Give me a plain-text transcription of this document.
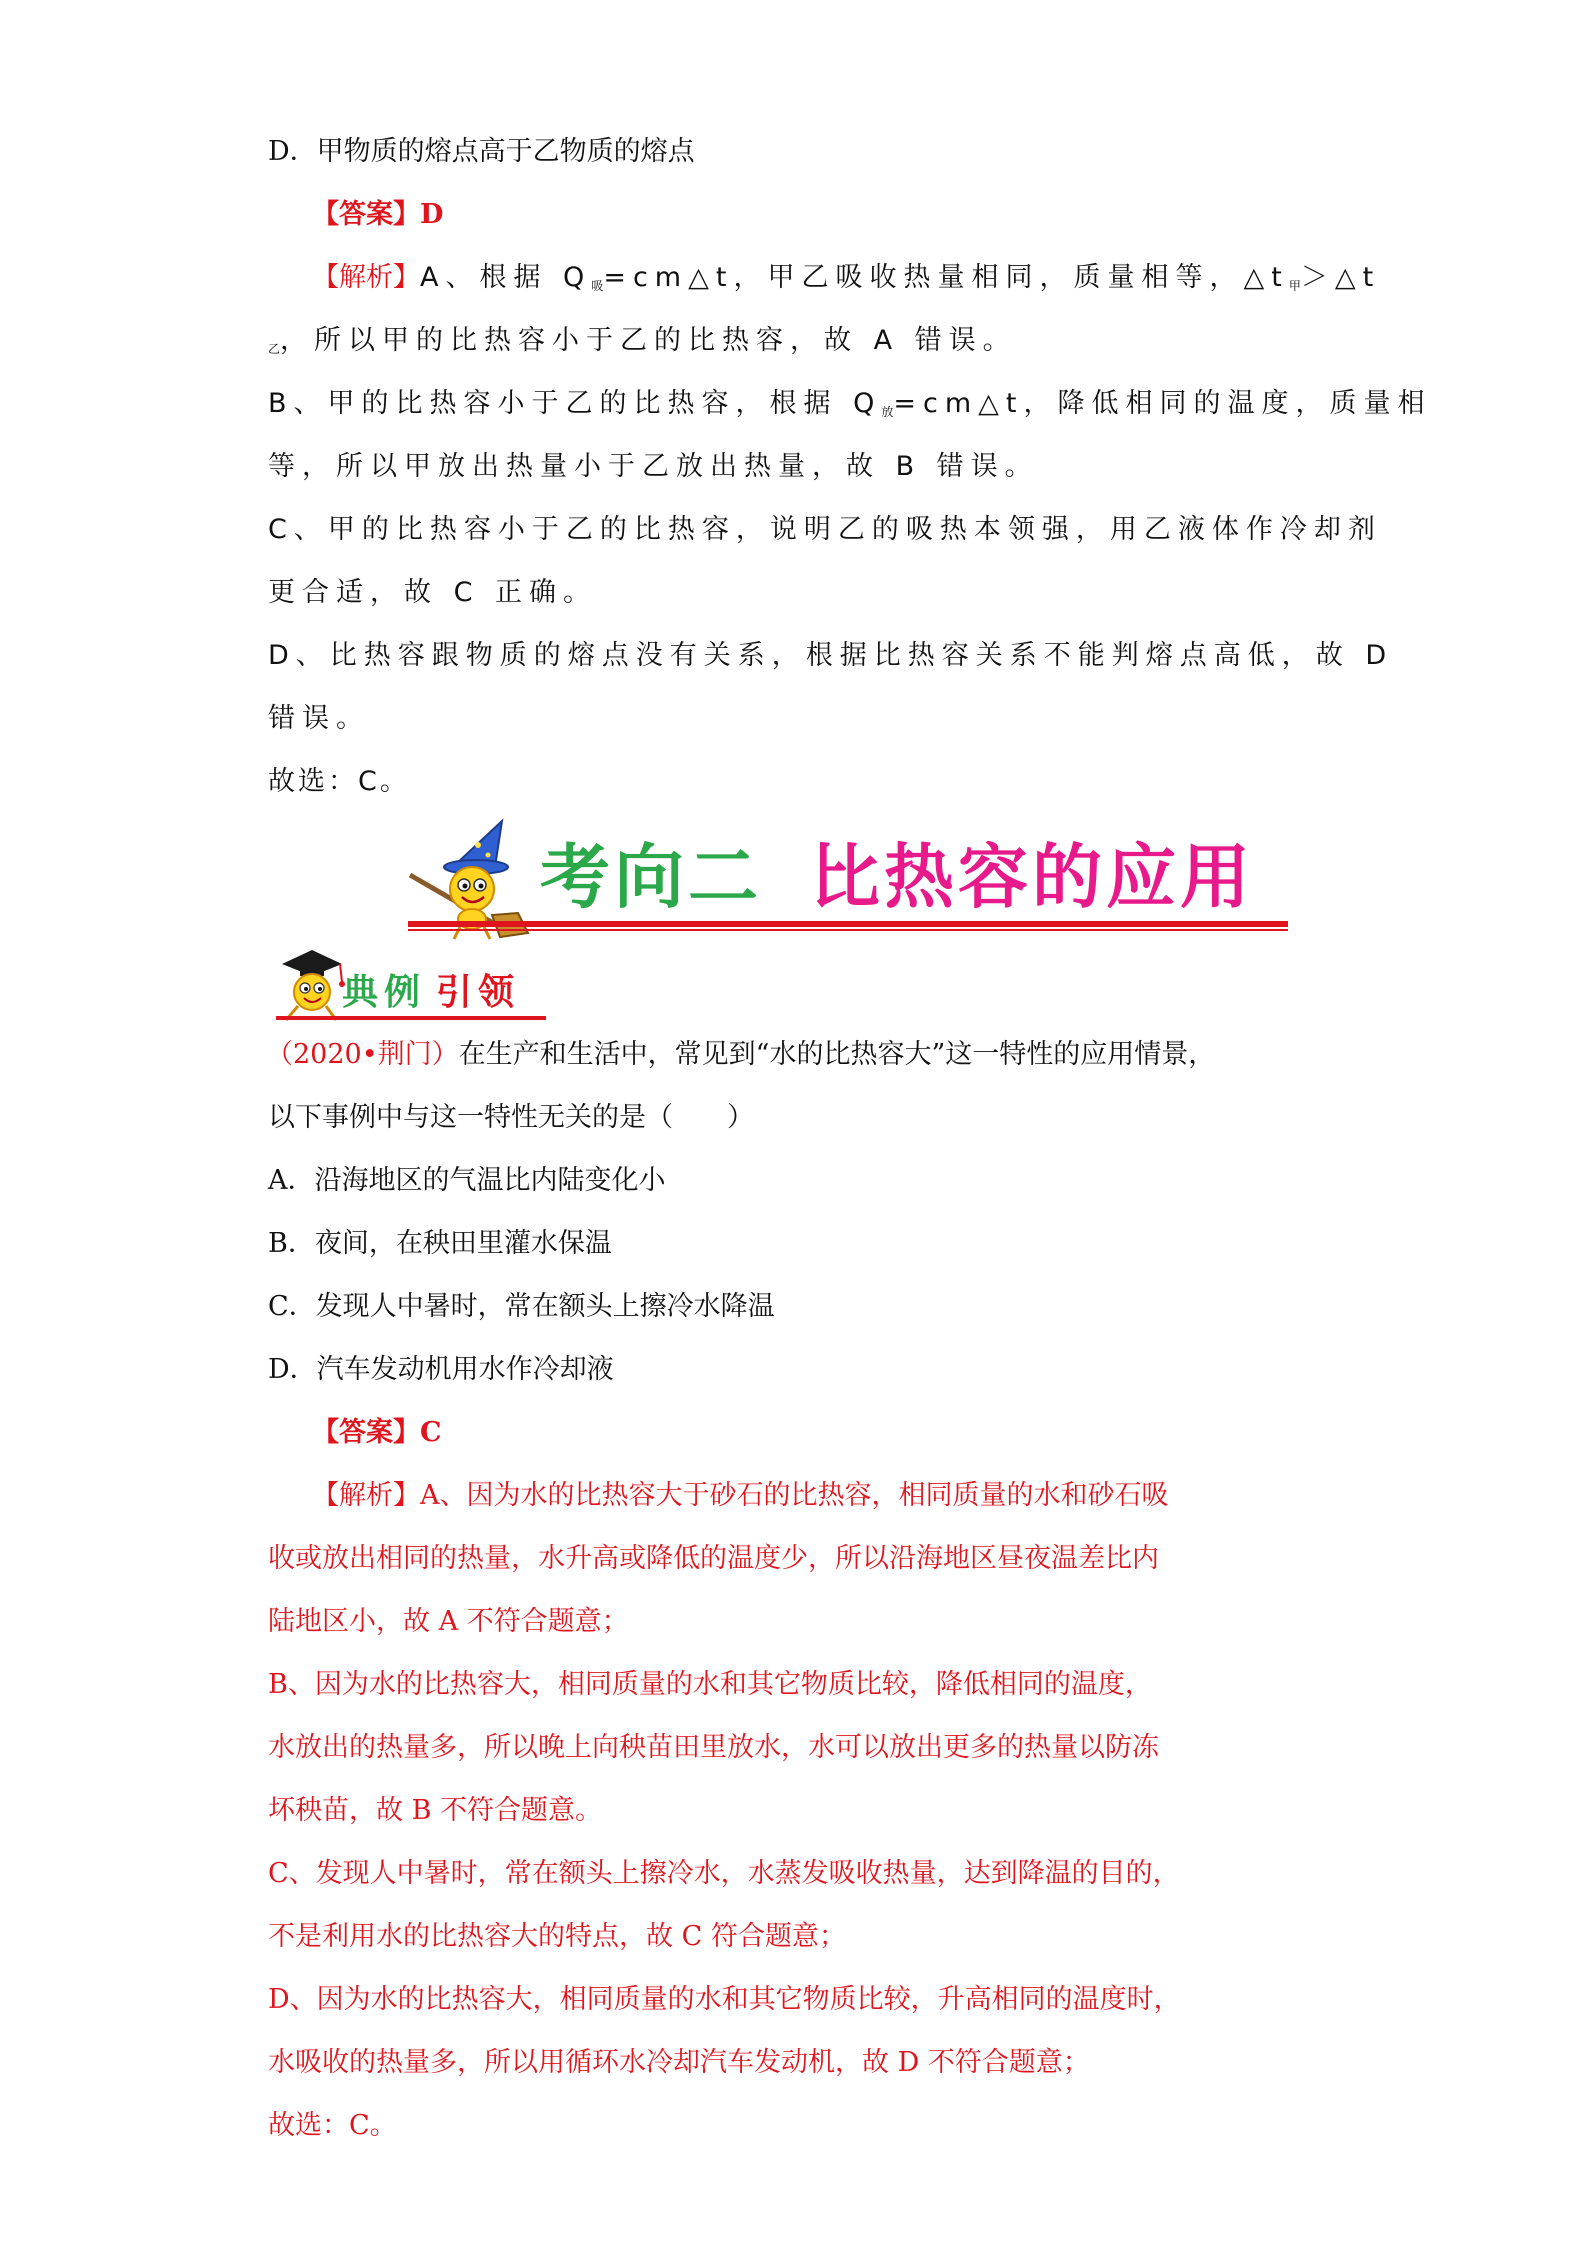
D．甲物质的熔点高于乙物质的熔点
【答案】D
【解析】A、根据 $Q_吸=cm\triangle t$，甲乙吸收热量相同，质量相等，$\triangle t_甲>\triangle t$
$_乙$，所以甲的比热容小于乙的比热容，故 A 错误。
B、甲的比热容小于乙的比热容，根据 $Q_放=cm\triangle t$，降低相同的温度，质量相
等，所以甲放出热量小于乙放出热量，故 B 错误。
C、甲的比热容小于乙的比热容，说明乙的吸热本领强，用乙液体作冷却剂
更合适，故 C 正确。
D、比热容跟物质的熔点没有关系，根据比热容关系不能判熔点高低，故 D
错误。
故选：C。
考向二 比热容的应用
典例 引领
（2020•荆门）在生产和生活中，常见到“水的比热容大”这一特性的应用情景，
以下事例中与这一特性无关的是（　　）
A．沿海地区的气温比内陆变化小
B．夜间，在秧田里灌水保温
C．发现人中暑时，常在额头上擦冷水降温
D．汽车发动机用水作冷却液
【答案】C
【解析】A、因为水的比热容大于砂石的比热容，相同质量的水和砂石吸
收或放出相同的热量，水升高或降低的温度少，所以沿海地区昼夜温差比内
陆地区小，故 A 不符合题意；
B、因为水的比热容大，相同质量的水和其它物质比较，降低相同的温度，
水放出的热量多，所以晚上向秧苗田里放水，水可以放出更多的热量以防冻
坏秧苗，故 B 不符合题意。
C、发现人中暑时，常在额头上擦冷水，水蒸发吸收热量，达到降温的目的，
不是利用水的比热容大的特点，故 C 符合题意；
D、因为水的比热容大，相同质量的水和其它物质比较，升高相同的温度时，
水吸收的热量多，所以用循环水冷却汽车发动机，故 D 不符合题意；
故选：C。
